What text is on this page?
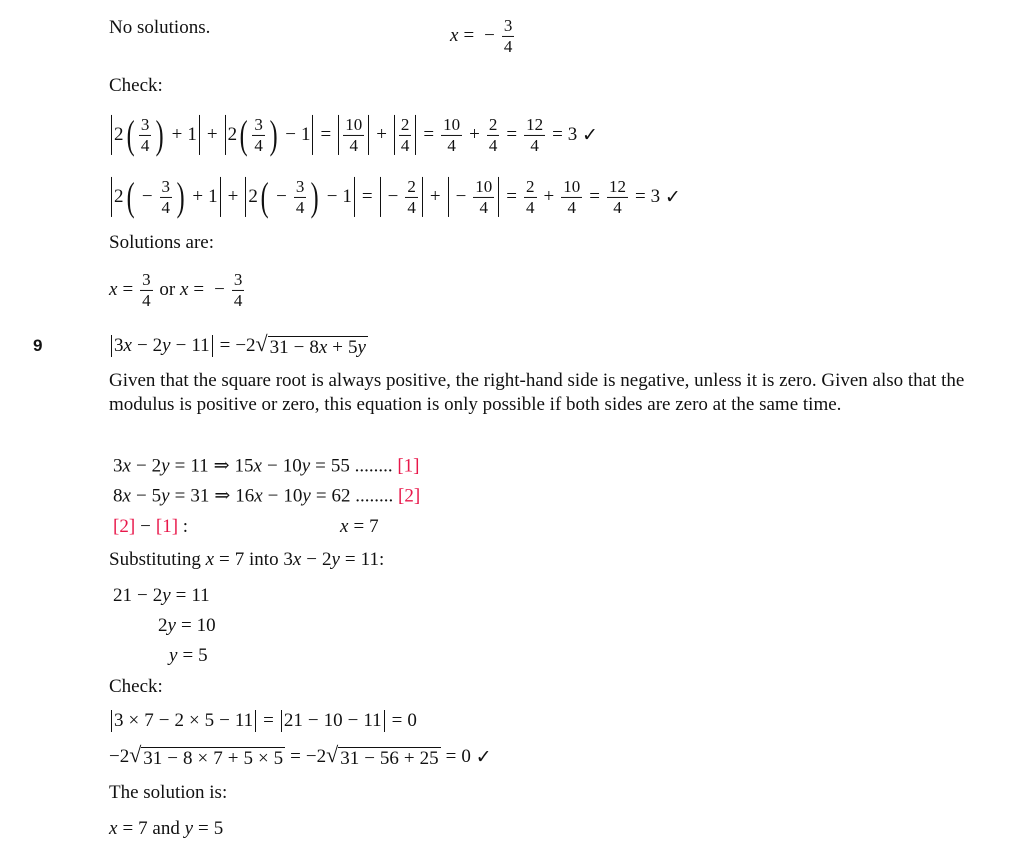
No solutions.	x = − $\frac{3}{4}$
Check:
2 ( $\frac{3}{4}$ ) + 1 + 2 ( $\frac{3}{4}$ ) − $1 = \frac{10}{4} + \frac{2}{4} = \frac{10}{4} + \frac{2}{4} = \frac{12}{4} = 3$ ✓
2 ( − $\frac{3}{4}$ ) + 1 + 2 ( − $\frac{3}{4}$ ) − 1 = − $\frac{2}{4}$ + − $\frac{10}{4} = \frac{2}{4} + \frac{10}{4} = \frac{12}{4} = 3$ ✓
Solutions are:
$x = \frac{3}{4}$ or x = − $\frac{3}{4}$
9	3x − 2y − 11 = −2 √ 31 − 8x + 5y
Given that the square root is always positive, the right-hand side is negative, unless it is zero. Given also that the modulus is positive or zero, this equation is only possible if both sides are zero at the same time.
3x − 2y = 11 ⇒ 15x − 10y = 55 ........ [1]
8x − 5y = 31 ⇒ 16x − 10y = 62 ........ [2]
[2] − [1] :	x = 7
Substituting x = 7 into 3x − 2y = 11 :
21 − 2y = 11
2y = 10
y = 5
Check:
3 × 7 − 2 × 5 − 11 = 21 − 10 − 11 = 0
−2 √ 31 − 8 × 7 + 5 × 5 = −2 √ 31 − 56 + 25 = 0 ✓
The solution is:
x = 7 and y = 5
